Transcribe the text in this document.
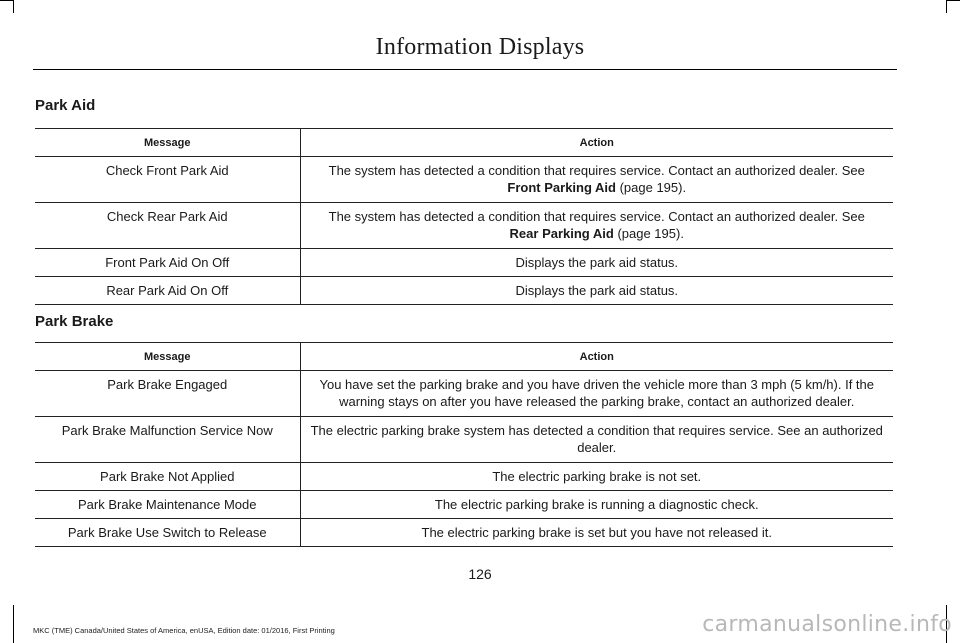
Information Displays
Park Aid
Message	Action
Check Front Park Aid	The system has detected a condition that requires service. Contact an authorized dealer. See
Front Parking Aid (page 195).
Check Rear Park Aid	The system has detected a condition that requires service. Contact an authorized dealer. See
Rear Parking Aid (page 195).
Front Park Aid On Off	Displays the park aid status.
Rear Park Aid On Off	Displays the park aid status.
Park Brake
Message	Action
Park Brake Engaged	You have set the parking brake and you have driven the vehicle more than 3 mph (5 km/h). If the warning stays on after you have released the parking brake, contact an authorized dealer.
Park Brake Malfunction Service Now	The electric parking brake system has detected a condition that requires service. See an authorized dealer.
Park Brake Not Applied	The electric parking brake is not set.
Park Brake Maintenance Mode	The electric parking brake is running a diagnostic check.
Park Brake Use Switch to Release	The electric parking brake is set but you have not released it.
126
MKC (TME) Canada/United States of America, enUSA, Edition date: 01/2016, First Printing	carmanualsonline.info
